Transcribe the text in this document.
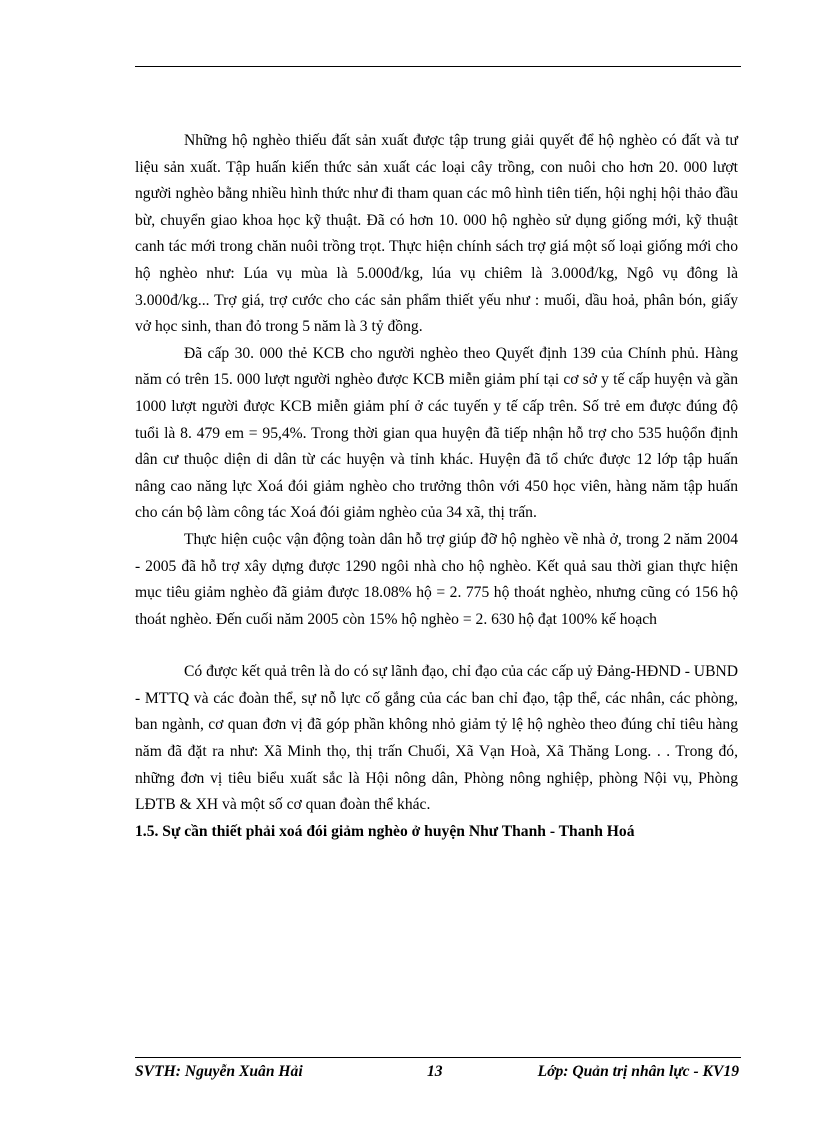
Những hộ nghèo thiếu đất sản xuất được tập trung giải quyết để hộ nghèo có đất và tư liệu sản xuất. Tập huấn kiến thức sản xuất các loại cây trồng, con nuôi cho hơn 20. 000 lượt người nghèo bằng nhiều hình thức như đi tham quan các mô hình tiên tiến, hội nghị hội thảo đầu bừ, chuyển giao khoa học kỹ thuật. Đã có hơn 10. 000 hộ nghèo sử dụng giống mới, kỹ thuật canh tác mới trong chăn nuôi trồng trọt. Thực hiện chính sách trợ giá một số loại giống mới cho hộ nghèo như: Lúa vụ mùa là 5.000đ/kg, lúa vụ chiêm là 3.000đ/kg, Ngô vụ đông là 3.000đ/kg... Trợ giá, trợ cước cho các sản phẩm thiết yếu như : muối, dầu hoả, phân bón, giấy vở học sinh, than đỏ trong 5 năm là 3 tỷ đồng.

Đã cấp 30. 000 thẻ KCB cho người nghèo theo Quyết định 139 của Chính phủ. Hàng năm có trên 15. 000 lượt người nghèo được KCB miễn giảm phí tại cơ sở y tế cấp huyện và gần 1000 lượt người được KCB miễn giảm phí ở các tuyến y tế cấp trên. Số trẻ em được đúng độ tuổi là 8. 479 em = 95,4%. Trong thời gian qua huyện đã tiếp nhận hỗ trợ cho 535 huộổn định dân cư thuộc diện di dân từ các huyện và tỉnh khác. Huyện đã tổ chức được 12 lớp tập huấn nâng cao năng lực Xoá đói giảm nghèo cho trưởng thôn với 450 học viên, hàng năm tập huấn cho cán bộ làm công tác Xoá đói giảm nghèo của 34 xã, thị trấn.

Thực hiện cuộc vận động toàn dân hỗ trợ giúp đỡ hộ nghèo về nhà ở, trong 2 năm 2004 - 2005 đã hỗ trợ xây dựng được 1290 ngôi nhà cho hộ nghèo. Kết quả sau thời gian thực hiện mục tiêu giảm nghèo đã giảm được 18.08% hộ = 2. 775 hộ thoát nghèo, nhưng cũng có 156 hộ thoát nghèo. Đến cuối năm 2005 còn 15% hộ nghèo = 2. 630 hộ đạt 100% kế hoạch

Có được kết quả trên là do có sự lãnh đạo, chỉ đạo của các cấp uỷ Đảng-HĐND - UBND - MTTQ và các đoàn thể, sự nỗ lực cố gắng của các ban chỉ đạo, tập thể, các nhân, các phòng, ban ngành, cơ quan đơn vị đã góp phần không nhỏ giảm tỷ lệ hộ nghèo theo đúng chỉ tiêu hàng năm đã đặt ra như: Xã Minh thọ, thị trấn Chuối, Xã Vạn Hoà, Xã Thăng Long. . . Trong đó, những đơn vị tiêu biểu xuất sắc là Hội nông dân, Phòng nông nghiệp, phòng Nội vụ, Phòng LĐTB & XH và một số cơ quan đoàn thể khác.

1.5. Sự cần thiết phải xoá đói giảm nghèo ở huyện Như Thanh - Thanh Hoá
SVTH: Nguyễn Xuân Hải	13	Lớp: Quản trị nhân lực - KV19
